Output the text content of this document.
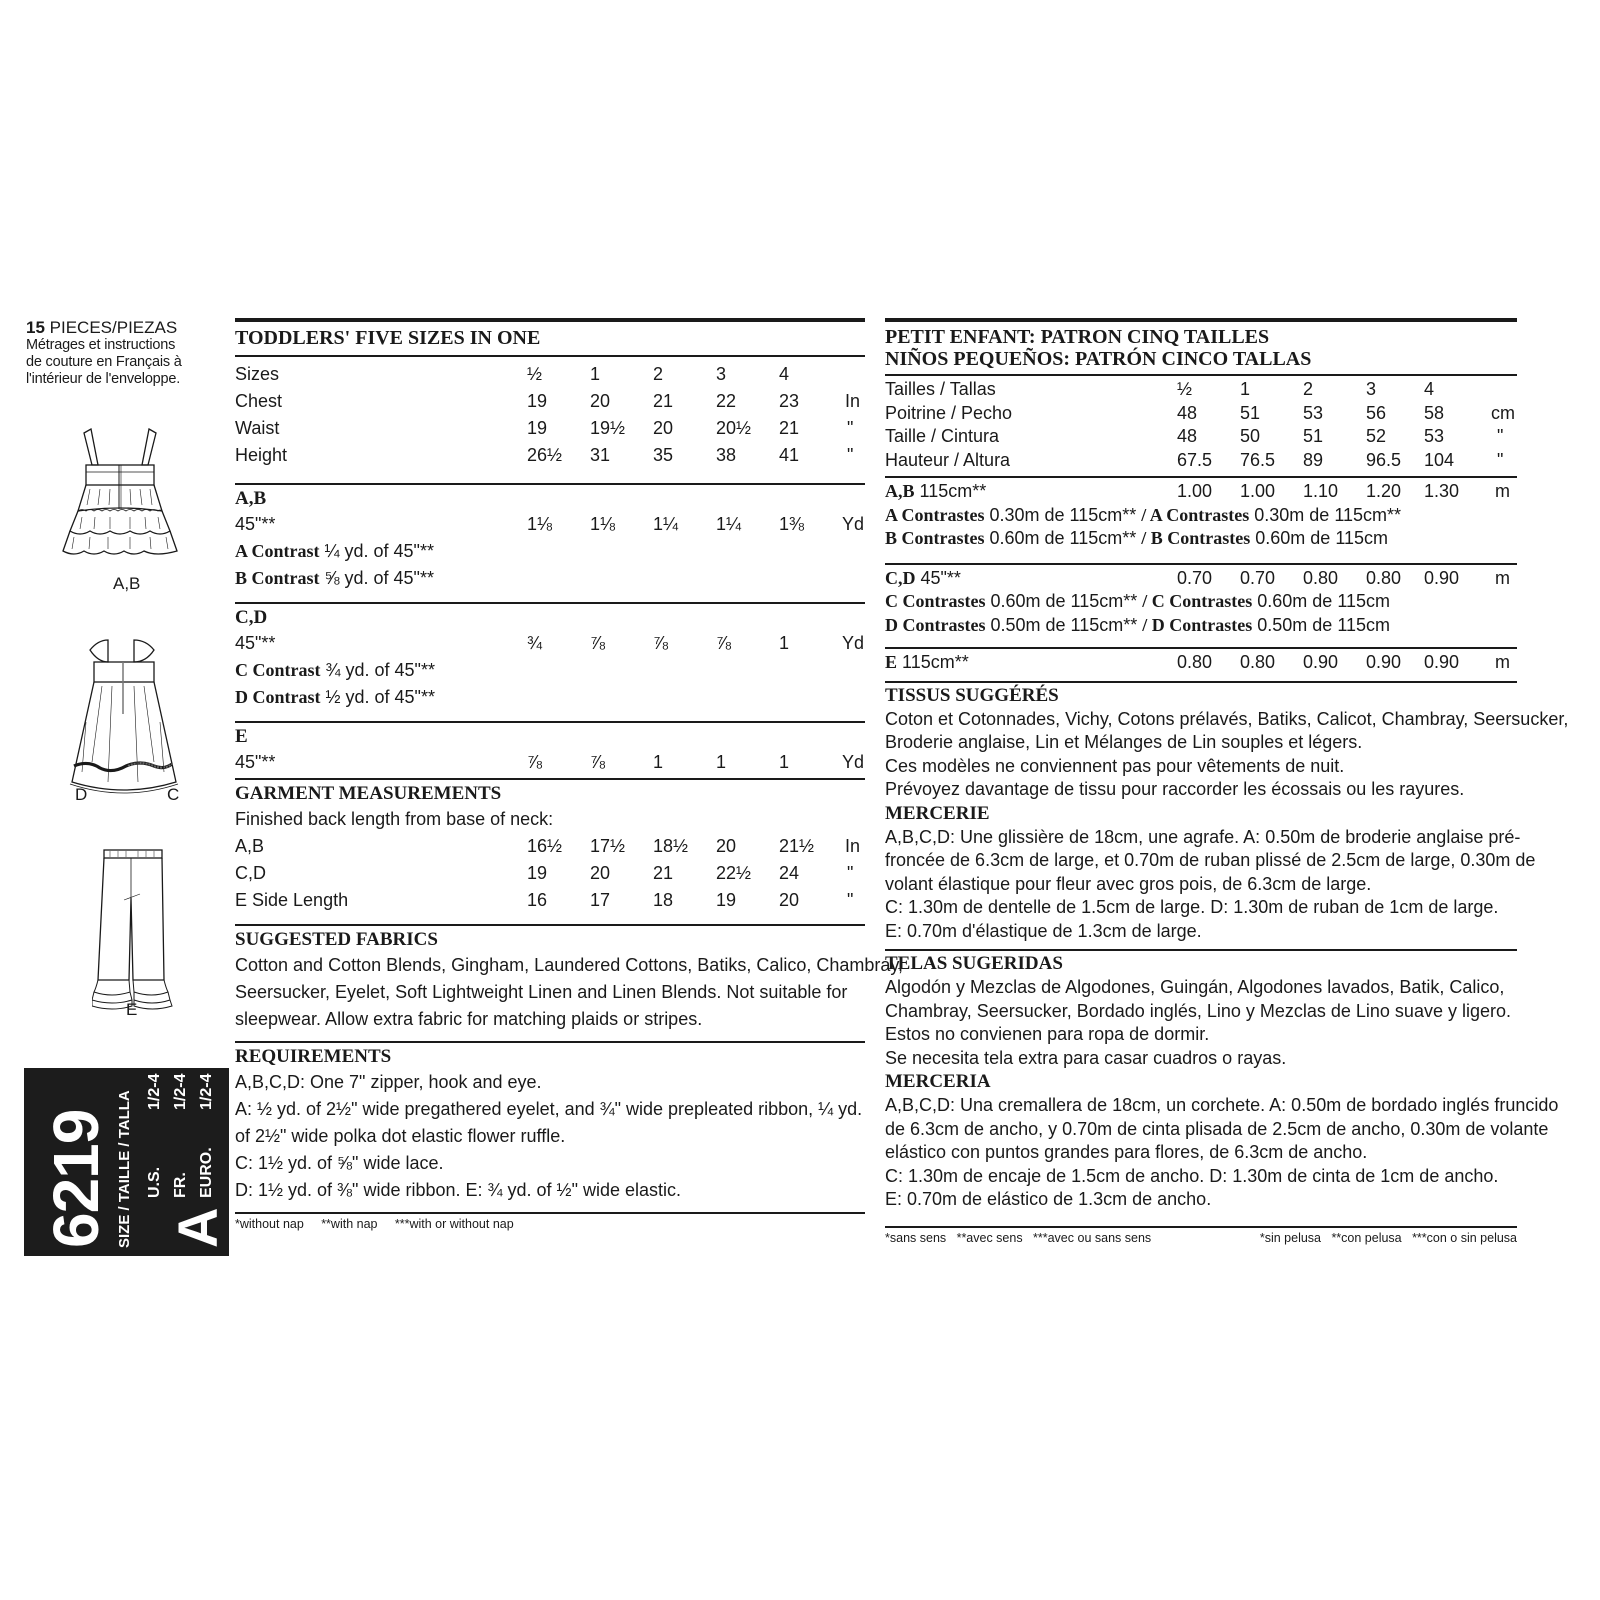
15 PIECES/PIEZAS
Métrages et instructions
de couture en Français à
l'intérieur de l'enveloppe.
A,B
D	C
E
6219 SIZE / TAILLE / TALLA A
U.S.
1/2-4
FR.
1/2-4
EURO.
1/2-4
TODDLERS' FIVE SIZES IN ONE
Sizes	½	1	2	3	4
Chest	19 20 21 22 23	In
Waist	19 19½ 20 20½ 21	"
Height	26½ 31 35 38 41	"
A,B
45"**	1⅛ 1⅛ 1¼ 1¼ 1⅜ Yd
A Contrast ¼ yd. of 45"**
B Contrast ⅝ yd. of 45"**
C,D
45"**	¾	⅞	⅞	⅞	1	Yd
C Contrast ¾ yd. of 45"**
D Contrast ½ yd. of 45"**
E
45"**	⅞	⅞	1	1	1	Yd
GARMENT MEASUREMENTS
Finished back length from base of neck:
A,B	16½ 17½ 18½ 20 21½ In
C,D	19 20 21 22½ 24	"
E Side Length	16 17 18 19 20	"
SUGGESTED FABRICS
Cotton and Cotton Blends, Gingham, Laundered Cottons, Batiks, Calico, Chambray,
Seersucker, Eyelet, Soft Lightweight Linen and Linen Blends. Not suitable for
sleepwear. Allow extra fabric for matching plaids or stripes.
REQUIREMENTS
A,B,C,D: One 7" zipper, hook and eye.
A: ½ yd. of 2½" wide pregathered eyelet, and ¾" wide prepleated ribbon, ¼ yd.
of 2½" wide polka dot elastic flower ruffle.
C: 1½ yd. of ⅝" wide lace.
D: 1½ yd. of ⅜" wide ribbon. E: ¾ yd. of ½" wide elastic.
*without nap **with nap ***with or without nap
PETIT ENFANT: PATRON CINQ TAILLES
NIÑOS PEQUEÑOS: PATRÓN CINCO TALLAS
Tailles / Tallas	½	1	2	3	4
Poitrine / Pecho	48 51 53 56 58	cm
Taille / Cintura	48 50 51 52 53	"
Hauteur / Altura	67.5 76.5 89 96.5 104 "
A,B 115cm**	1.00 1.00 1.10 1.20 1.30 m
A Contrastes 0.30m de 115cm** / A Contrastes 0.30m de 115cm**
B Contrastes 0.60m de 115cm** / B Contrastes 0.60m de 115cm
C,D 45"**	0.70 0.70 0.80 0.80 0.90 m
C Contrastes 0.60m de 115cm** / C Contrastes 0.60m de 115cm
D Contrastes 0.50m de 115cm** / D Contrastes 0.50m de 115cm
E 115cm**	0.80 0.80 0.90 0.90 0.90 m
TISSUS SUGGÉRÉS
Coton et Cotonnades, Vichy, Cotons prélavés, Batiks, Calicot, Chambray, Seersucker,
Broderie anglaise, Lin et Mélanges de Lin souples et légers.
Ces modèles ne conviennent pas pour vêtements de nuit.
Prévoyez davantage de tissu pour raccorder les écossais ou les rayures.
MERCERIE
A,B,C,D: Une glissière de 18cm, une agrafe. A: 0.50m de broderie anglaise pré-
froncée de 6.3cm de large, et 0.70m de ruban plissé de 2.5cm de large, 0.30m de
volant élastique pour fleur avec gros pois, de 6.3cm de large.
C: 1.30m de dentelle de 1.5cm de large. D: 1.30m de ruban de 1cm de large.
E: 0.70m d'élastique de 1.3cm de large.
TELAS SUGERIDAS
Algodón y Mezclas de Algodones, Guingán, Algodones lavados, Batik, Calico,
Chambray, Seersucker, Bordado inglés, Lino y Mezclas de Lino suave y ligero.
Estos no convienen para ropa de dormir.
Se necesita tela extra para casar cuadros o rayas.
MERCERIA
A,B,C,D: Una cremallera de 18cm, un corchete. A: 0.50m de bordado inglés fruncido
de 6.3cm de ancho, y 0.70m de cinta plisada de 2.5cm de ancho, 0.30m de volante
elástico con puntos grandes para flores, de 6.3cm de ancho.
C: 1.30m de encaje de 1.5cm de ancho. D: 1.30m de cinta de 1cm de ancho.
E: 0.70m de elástico de 1.3cm de ancho.
*sans sens **avec sens ***avec ou sans sens	*sin pelusa **con pelusa ***con o sin pelusa
